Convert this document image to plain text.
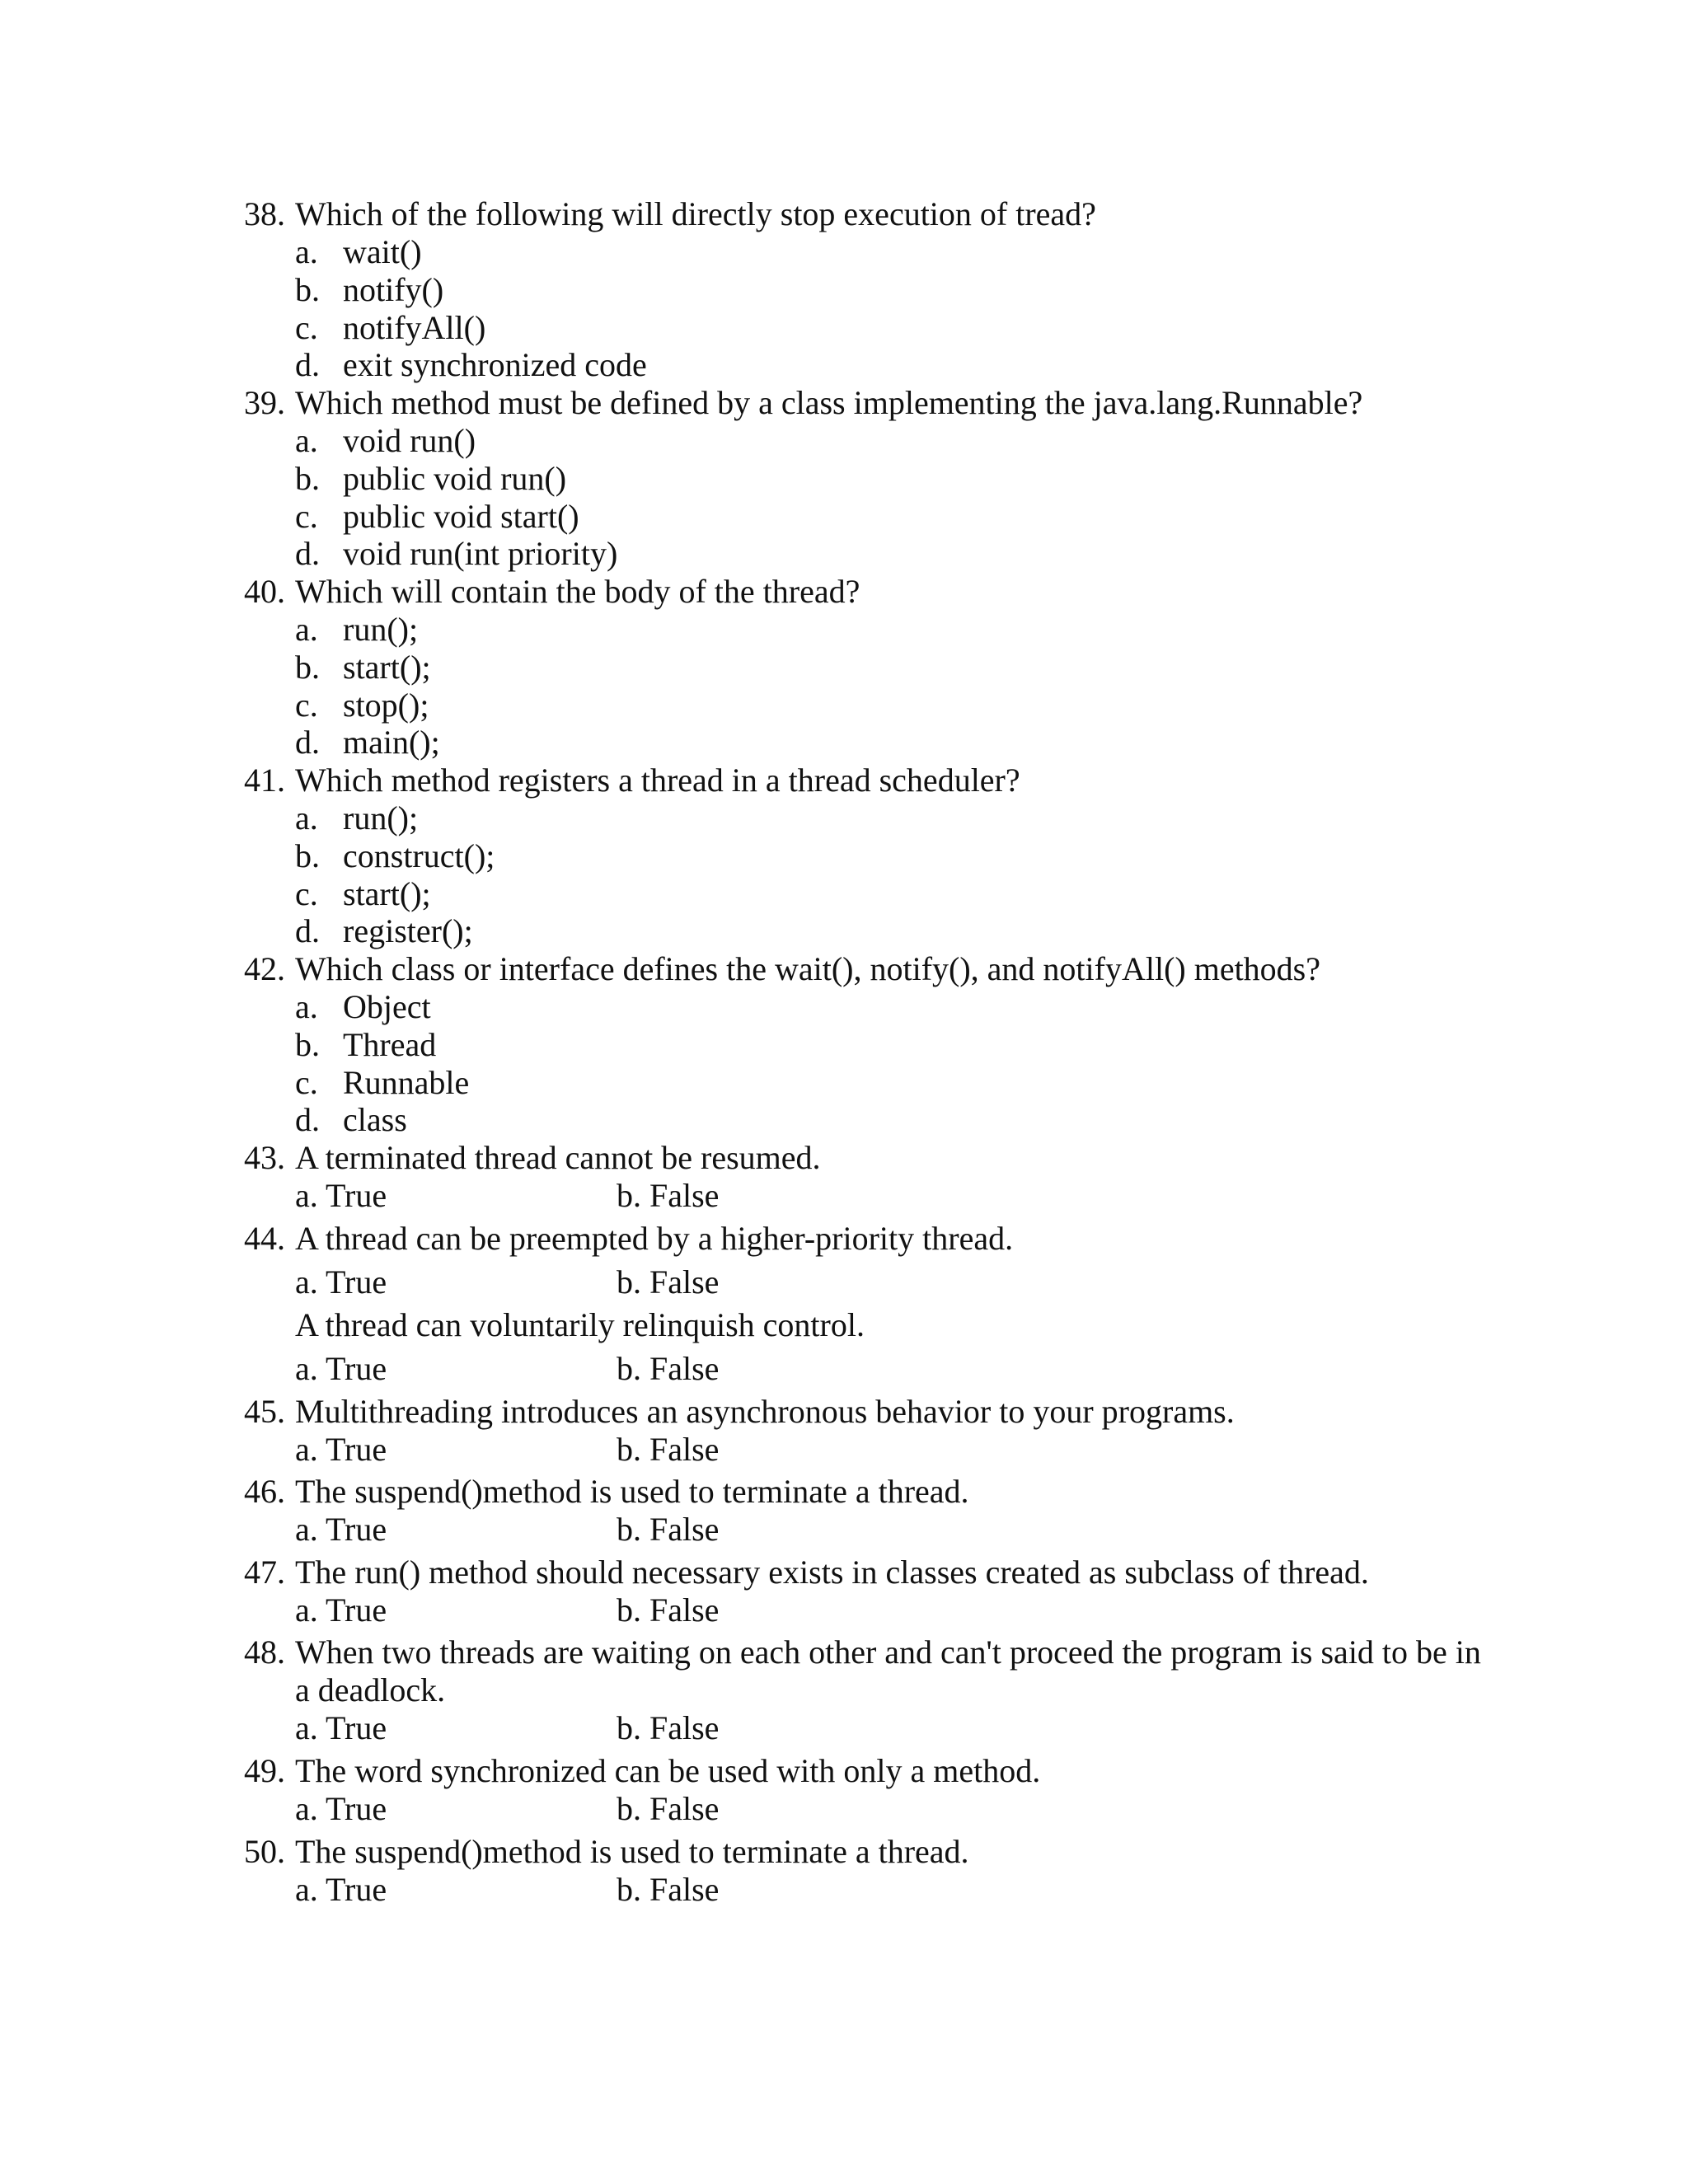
38. Which of the following will directly stop execution of tread?
a. wait()
b. notify()
c. notifyAll()
d. exit synchronized code
39. Which method must be defined by a class implementing the java.lang.Runnable?
a. void run()
b. public void run()
c. public void start()
d. void run(int priority)
40. Which will contain the body of the thread?
a. run();
b. start();
c. stop();
d. main();
41. Which method registers a thread in a thread scheduler?
a. run();
b. construct();
c. start();
d. register();
42. Which class or interface defines the wait(), notify(), and notifyAll() methods?
a. Object
b. Thread
c. Runnable
d. class
43. A terminated thread cannot be resumed.
a. True	b. False
44. A thread can be preempted by a higher-priority thread.
a. True	b. False
A thread can voluntarily relinquish control.
a. True	b. False
45. Multithreading introduces an asynchronous behavior to your programs.
a. True	b. False
46. The suspend()method is used to terminate a thread.
a. True	b. False
47. The run() method should necessary exists in classes created as subclass of thread.
a. True	b. False
48. When two threads are waiting on each other and can't proceed the program is said to be in
a deadlock.
a. True	b. False
49. The word synchronized can be used with only a method.
a. True	b. False
50. The suspend()method is used to terminate a thread.
a. True	b. False
